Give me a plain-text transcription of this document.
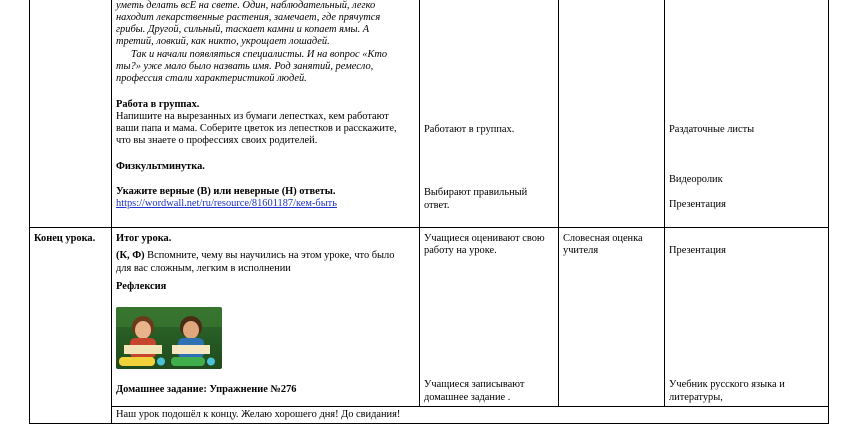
уметь делать всЕ на свете. Один, наблюдательный, легко
находит лекарственные растения, замечает, где прячутся
грибы. Другой, сильный, таскает камни и копает ямы. А
третий, ловкий, как никто, укрощает лошадей.
Так и начали появляться специалисты. И на вопрос «Кто
ты?» уже мало было назвать имя. Род занятий, ремесло,
профессия стали характеристикой людей.
Работа в группах.
Напишите на вырезанных из бумаги лепестках, кем работают
ваши папа и мама. Соберите цветок из лепестков и расскажите,
что вы знаете о профессиях своих родителей.
Физкультминутка.
Укажите верные (В) или неверные (Н) ответы.
https://wordwall.net/ru/resource/81601187/кем-быть
Работают в группах.
Выбирают правильный
ответ.
Раздаточные листы
Видеоролик
Презентация
Конец урока. Итог урока.
(К, Ф) Вспомните, чему вы научились на этом уроке, что было
для вас сложным, легким в исполнении
Рефлексия
Домашнее задание: Упражнение №276
Учащиеся оценивают свою
работу на уроке.
Учащиеся записывают
домашнее задание .
Словесная оценка
учителя	Презентация
Учебник русского языка и
литературы,
Наш урок подошёл к концу. Желаю хорошего дня! До свидания!
